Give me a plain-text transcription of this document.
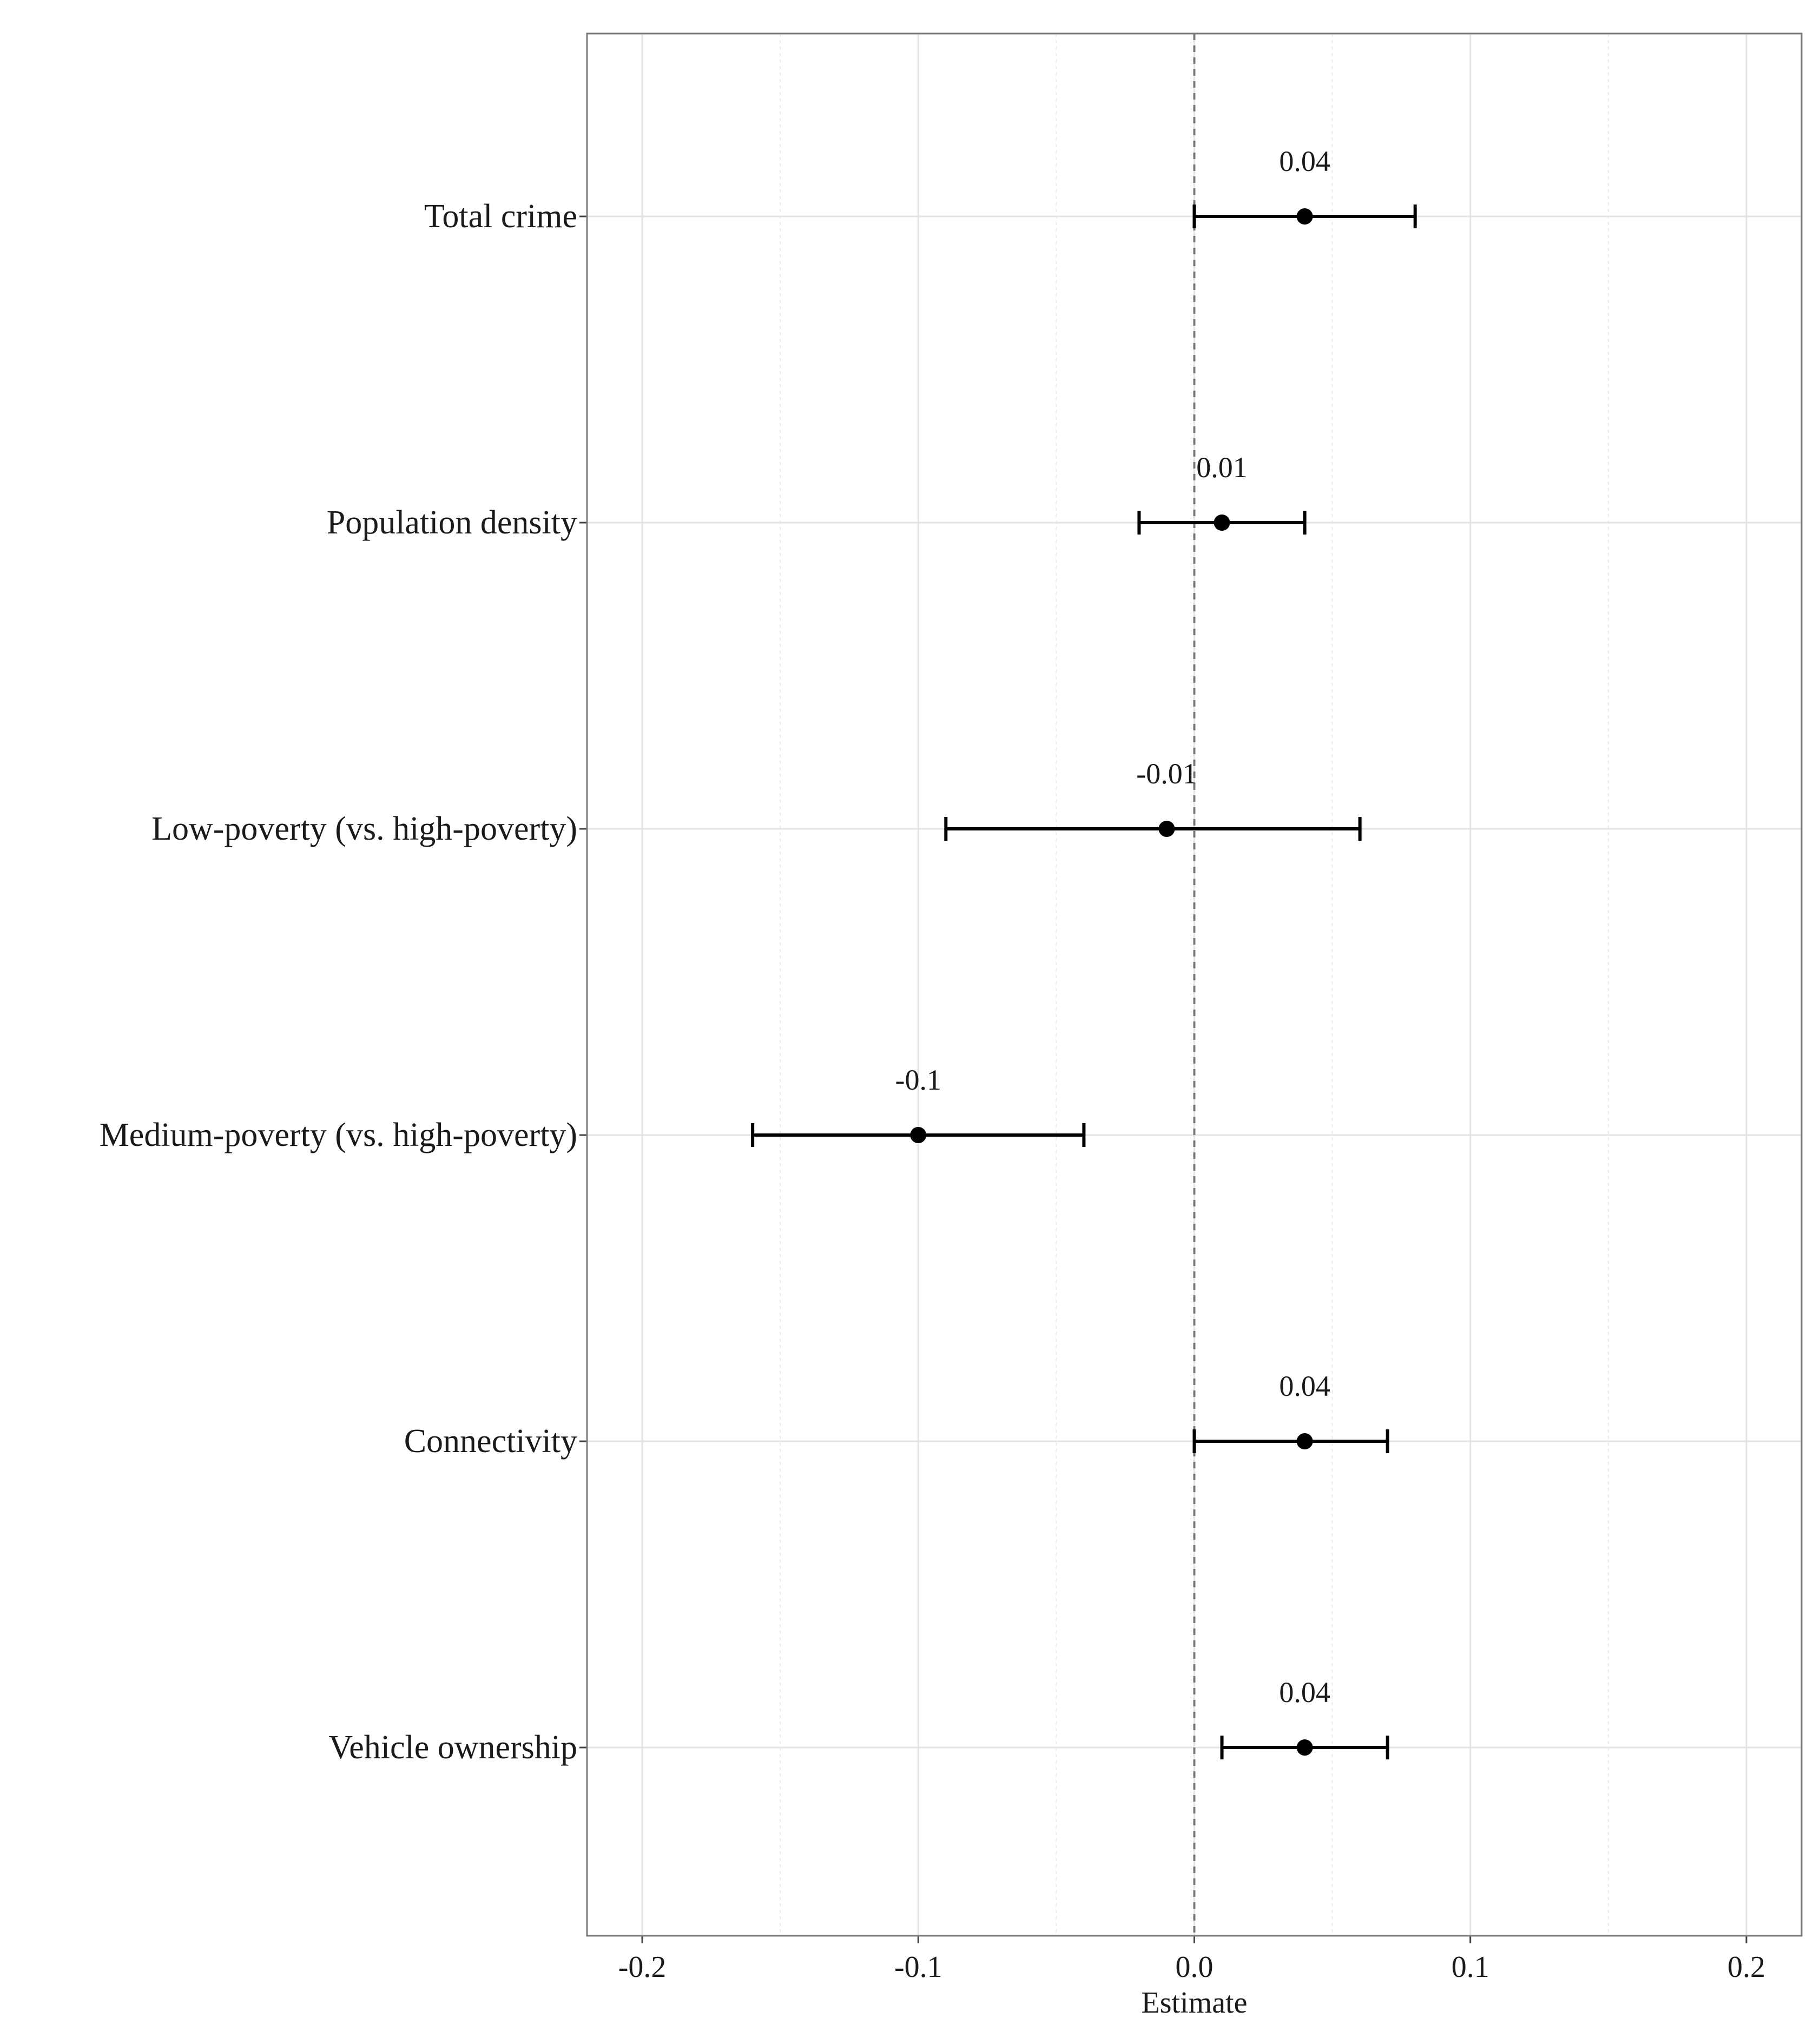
0.04
0.01
-0.01
-0.1
0.04
0.04
Total crime
Population density
Low-poverty (vs. high-poverty)
Medium-poverty (vs. high-poverty)
Connectivity
Vehicle ownership
-0.2	-0.1	0.0	0.1	0.2
Estimate
